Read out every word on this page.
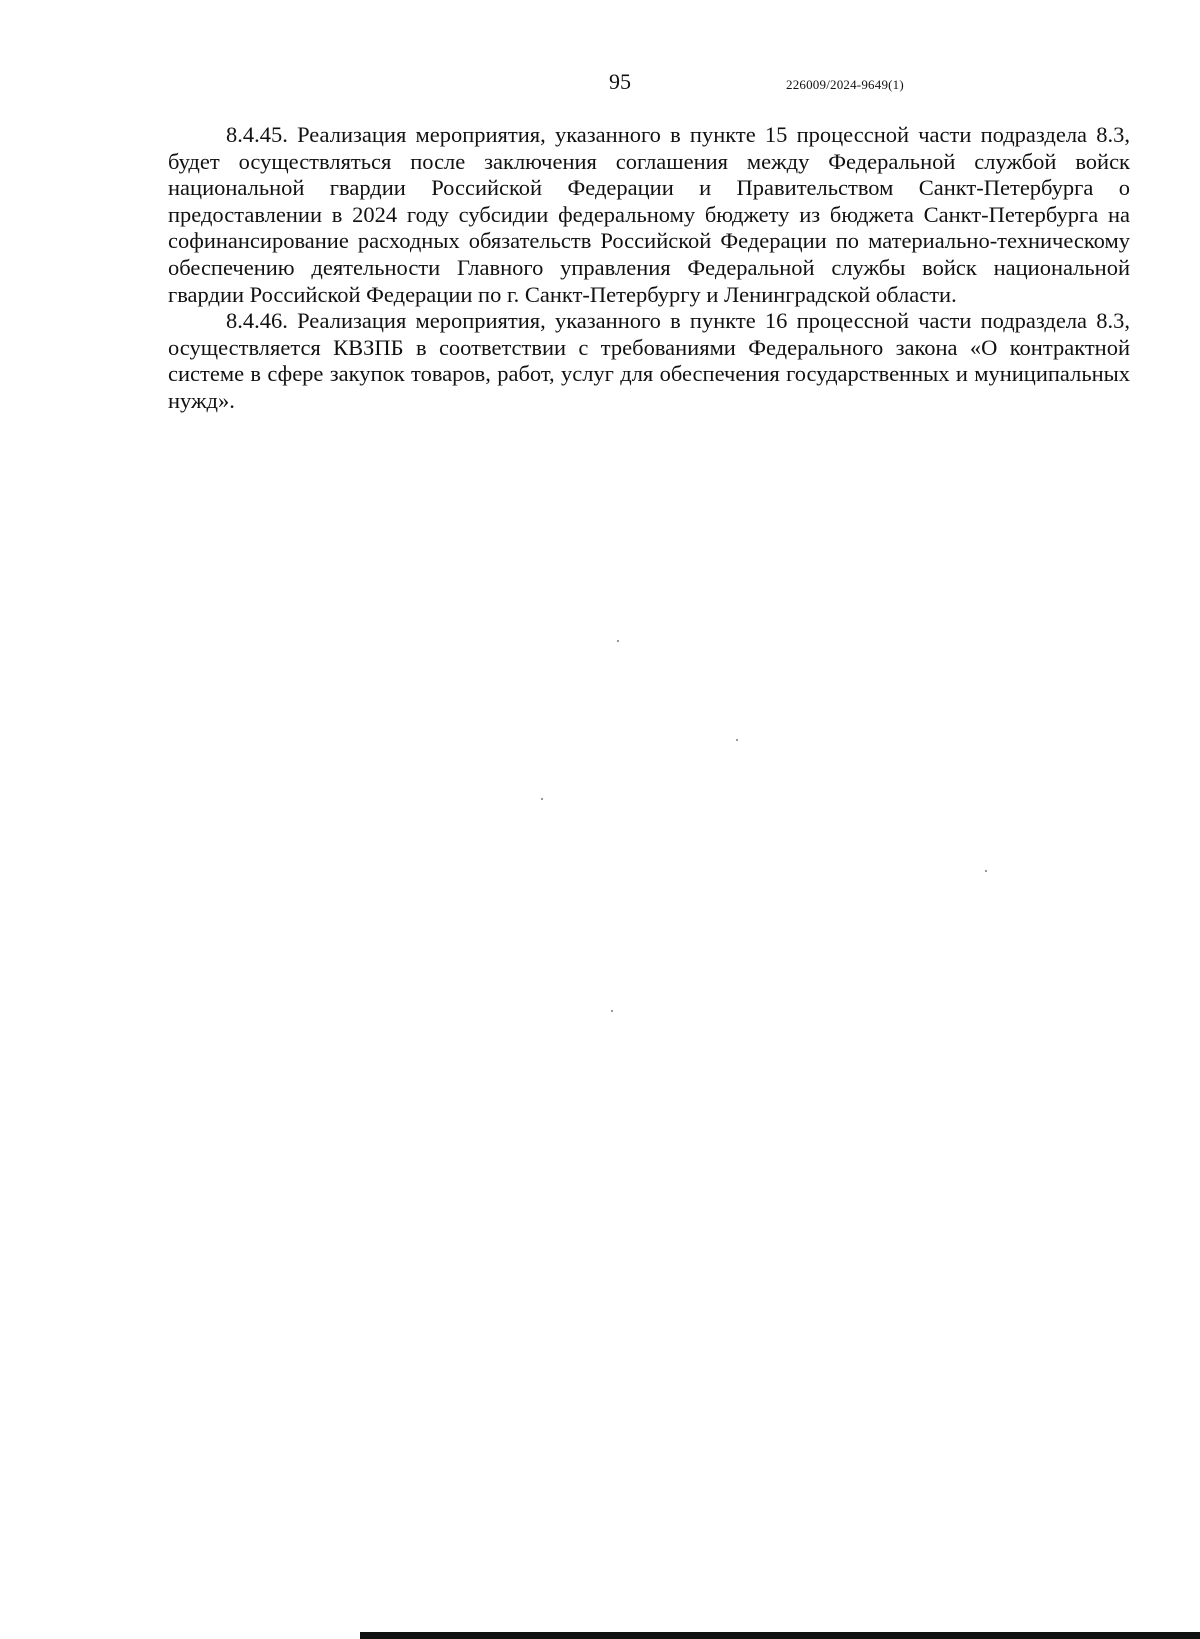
95	226009/2024-9649(1)

8.4.45. Реализация мероприятия, указанного в пункте 15 процессной части подраздела 8.3, будет осуществляться после заключения соглашения между Федеральной службой войск национальной гвардии Российской Федерации и Правительством Санкт-Петербурга о предоставлении в 2024 году субсидии федеральному бюджету из бюджета Санкт-Петербурга на софинансирование расходных обязательств Российской Федерации по материально-техническому обеспечению деятельности Главного управления Федеральной службы войск национальной гвардии Российской Федерации по г. Санкт-Петербургу и Ленинградской области.

8.4.46. Реализация мероприятия, указанного в пункте 16 процессной части подраздела 8.3, осуществляется КВЗПБ в соответствии с требованиями Федерального закона «О контрактной системе в сфере закупок товаров, работ, услуг для обеспечения государственных и муниципальных нужд».
